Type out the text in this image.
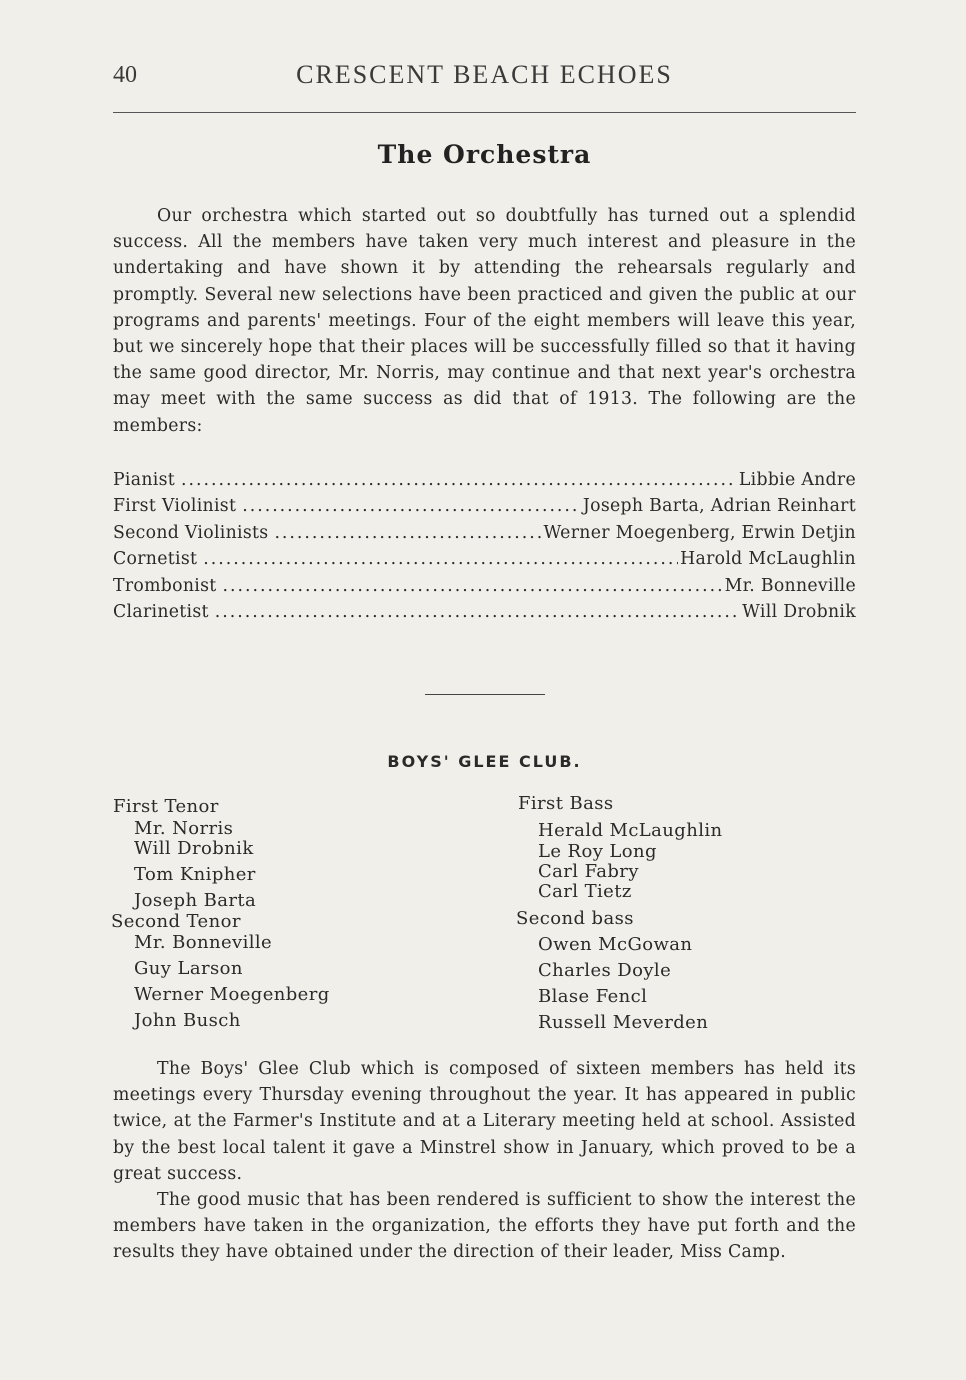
40	CRESCENT BEACH ECHOES
The Orchestra

Our orchestra which started out so doubtfully has turned out a splendid success. All the members have taken very much interest and pleasure in the undertaking and have shown it by attending the rehearsals regularly and promptly. Several new selections have been practiced and given the public at our programs and parents' meetings. Four of the eight members will leave this year, but we sincerely hope that their places will be successfully filled so that it having the same good director, Mr. Norris, may continue and that next year's orchestra may meet with the same success as did that of 1913. The following are the members:

Pianist .....	Libbie Andre
First Violinist .....	Joseph Barta, Adrian Reinhart
Second Violinists .....	Werner Moegenberg, Erwin Detjin
Cornetist .....	Harold McLaughlin
Trombonist .....	Mr. Bonneville
Clarinetist .....	Will Drobnik
BOYS' GLEE CLUB.
First Tenor
Mr. Norris
Will Drobnik
Tom Knipher
Joseph Barta
Second Tenor
Mr. Bonneville
Guy Larson
Werner Moegenberg
John Busch
First Bass
Herald McLaughlin
Le Roy Long
Carl Fabry
Carl Tietz
Second bass
Owen McGowan
Charles Doyle
Blase Fencl
Russell Meverden

The Boys' Glee Club which is composed of sixteen members has held its meetings every Thursday evening throughout the year. It has appeared in public twice, at the Farmer's Institute and at a Literary meeting held at school. Assisted by the best local talent it gave a Minstrel show in January, which proved to be a great success.

The good music that has been rendered is sufficient to show the interest the members have taken in the organization, the efforts they have put forth and the results they have obtained under the direction of their leader, Miss Camp.
